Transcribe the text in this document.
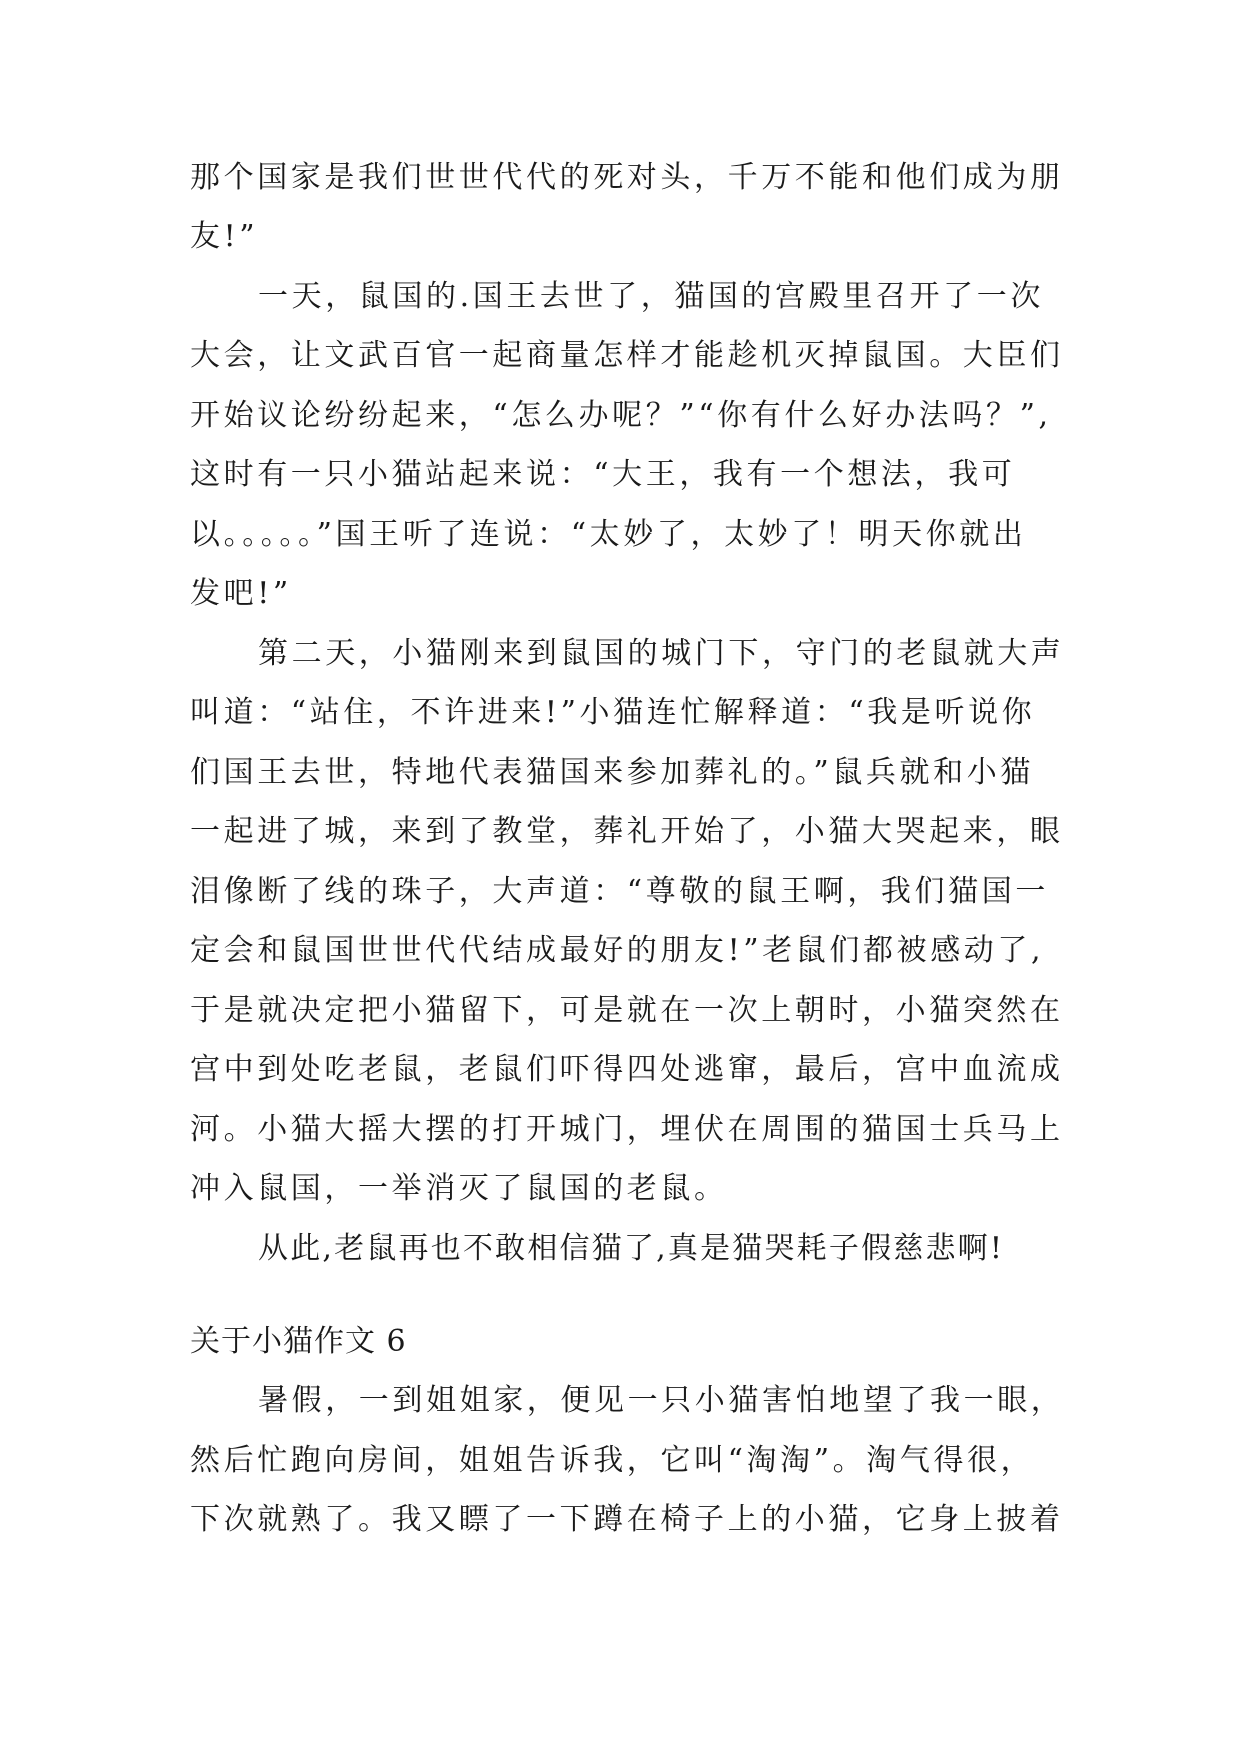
那个国家是我们世世代代的死对头，千万不能和他们成为朋
友!”
一天，鼠国的.国王去世了，猫国的宫殿里召开了一次
大会，让文武百官一起商量怎样才能趁机灭掉鼠国。大臣们
开始议论纷纷起来，“怎么办呢？”“你有什么好办法吗？”,
这时有一只小猫站起来说：“大王，我有一个想法，我可
以。。。。。”国王听了连说：“太妙了，太妙了！明天你就出
发吧!”
第二天，小猫刚来到鼠国的城门下，守门的老鼠就大声
叫道：“站住，不许进来!”小猫连忙解释道：“我是听说你
们国王去世，特地代表猫国来参加葬礼的。”鼠兵就和小猫
一起进了城，来到了教堂，葬礼开始了，小猫大哭起来，眼
泪像断了线的珠子，大声道：“尊敬的鼠王啊，我们猫国一
定会和鼠国世世代代结成最好的朋友!”老鼠们都被感动了,
于是就决定把小猫留下，可是就在一次上朝时，小猫突然在
宫中到处吃老鼠，老鼠们吓得四处逃窜，最后，宫中血流成
河。小猫大摇大摆的打开城门，埋伏在周围的猫国士兵马上
冲入鼠国，一举消灭了鼠国的老鼠。
从此,老鼠再也不敢相信猫了,真是猫哭耗子假慈悲啊!
关于小猫作文 6
暑假，一到姐姐家，便见一只小猫害怕地望了我一眼，
然后忙跑向房间，姐姐告诉我，它叫“淘淘”。淘气得很，
下次就熟了。我又瞟了一下蹲在椅子上的小猫，它身上披着
